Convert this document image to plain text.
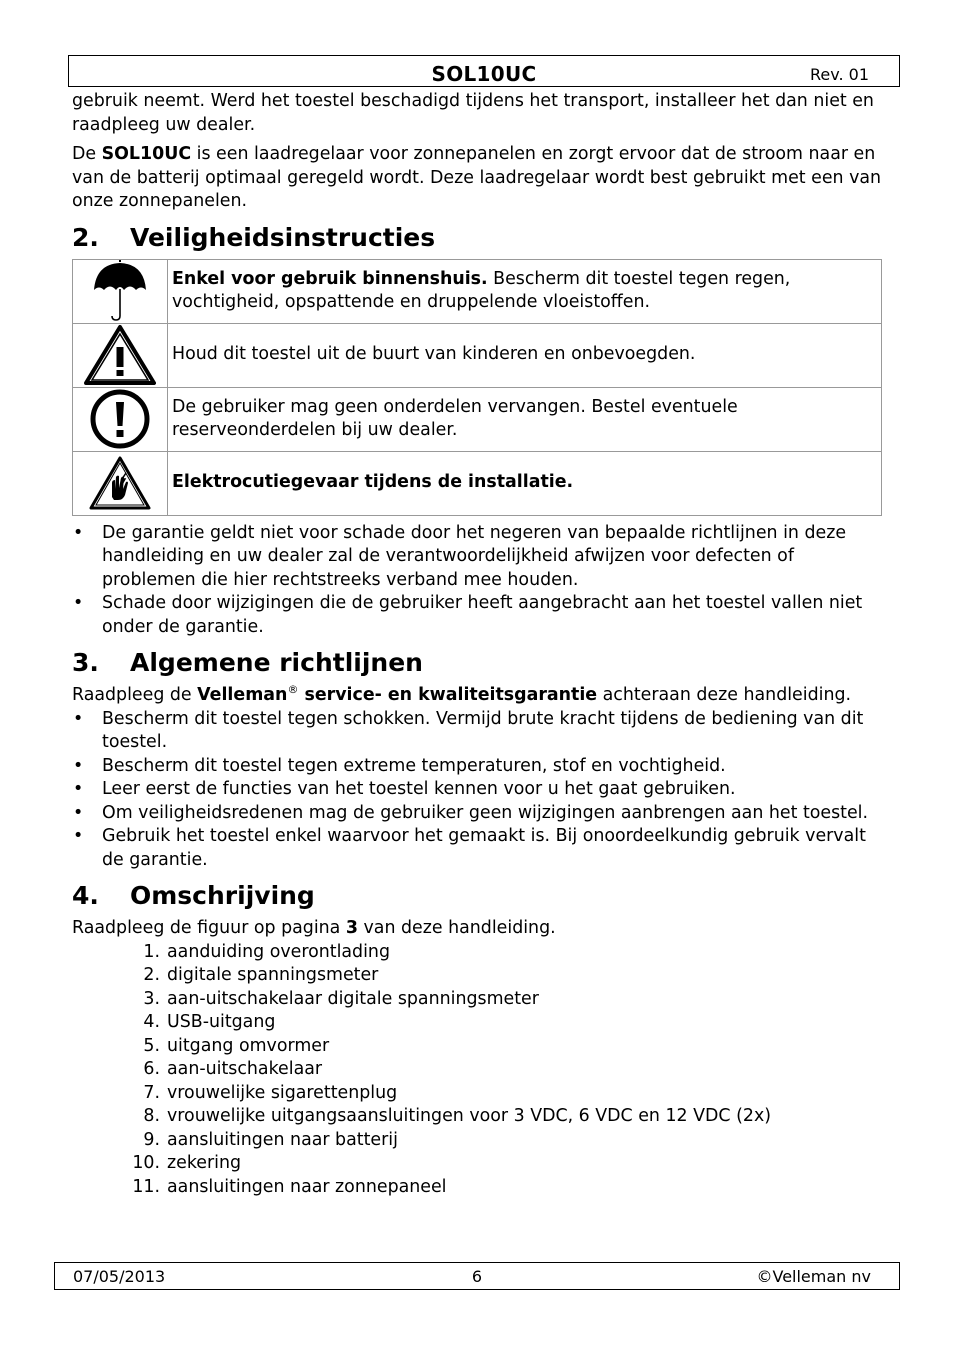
SOL10UC	Rev. 01

gebruik neemt. Werd het toestel beschadigd tijdens het transport, installeer het dan niet en raadpleeg uw dealer.

De SOL10UC is een laadregelaar voor zonnepanelen en zorgt ervoor dat de stroom naar en van de batterij optimaal geregeld wordt. Deze laadregelaar wordt best gebruikt met een van onze zonnepanelen.

2. Veiligheidsinstructies
	Enkel voor gebruik binnenshuis. Bescherm dit toestel tegen regen, vochtigheid, opspattende en druppelende vloeistoffen.

	Houd dit toestel uit de buurt van kinderen en onbevoegden.

	De gebruiker mag geen onderdelen vervangen. Bestel eventuele reserveonderdelen bij uw dealer.

	Elektrocutiegevaar tijdens de installatie.
• De garantie geldt niet voor schade door het negeren van bepaalde richtlijnen in deze handleiding en uw dealer zal de verantwoordelijkheid afwijzen voor defecten of problemen die hier rechtstreeks verband mee houden.
• Schade door wijzigingen die de gebruiker heeft aangebracht aan het toestel vallen niet onder de garantie.
3. Algemene richtlijnen

Raadpleeg de Velleman® service- en kwaliteitsgarantie achteraan deze handleiding.

• Bescherm dit toestel tegen schokken. Vermijd brute kracht tijdens de bediening van dit toestel.
• Bescherm dit toestel tegen extreme temperaturen, stof en vochtigheid.
• Leer eerst de functies van het toestel kennen voor u het gaat gebruiken.
• Om veiligheidsredenen mag de gebruiker geen wijzigingen aanbrengen aan het toestel.
• Gebruik het toestel enkel waarvoor het gemaakt is. Bij onoordeelkundig gebruik vervalt de garantie.
4. Omschrijving

Raadpleeg de figuur op pagina 3 van deze handleiding.

1. aanduiding overontlading
2. digitale spanningsmeter
3. aan-uitschakelaar digitale spanningsmeter
4. USB-uitgang
5. uitgang omvormer
6. aan-uitschakelaar
7. vrouwelijke sigarettenplug
8. vrouwelijke uitgangsaansluitingen voor 3 VDC, 6 VDC en 12 VDC (2x)
9. aansluitingen naar batterij
10. zekering
11. aansluitingen naar zonnepaneel
07/05/2013	6	©Velleman nv
